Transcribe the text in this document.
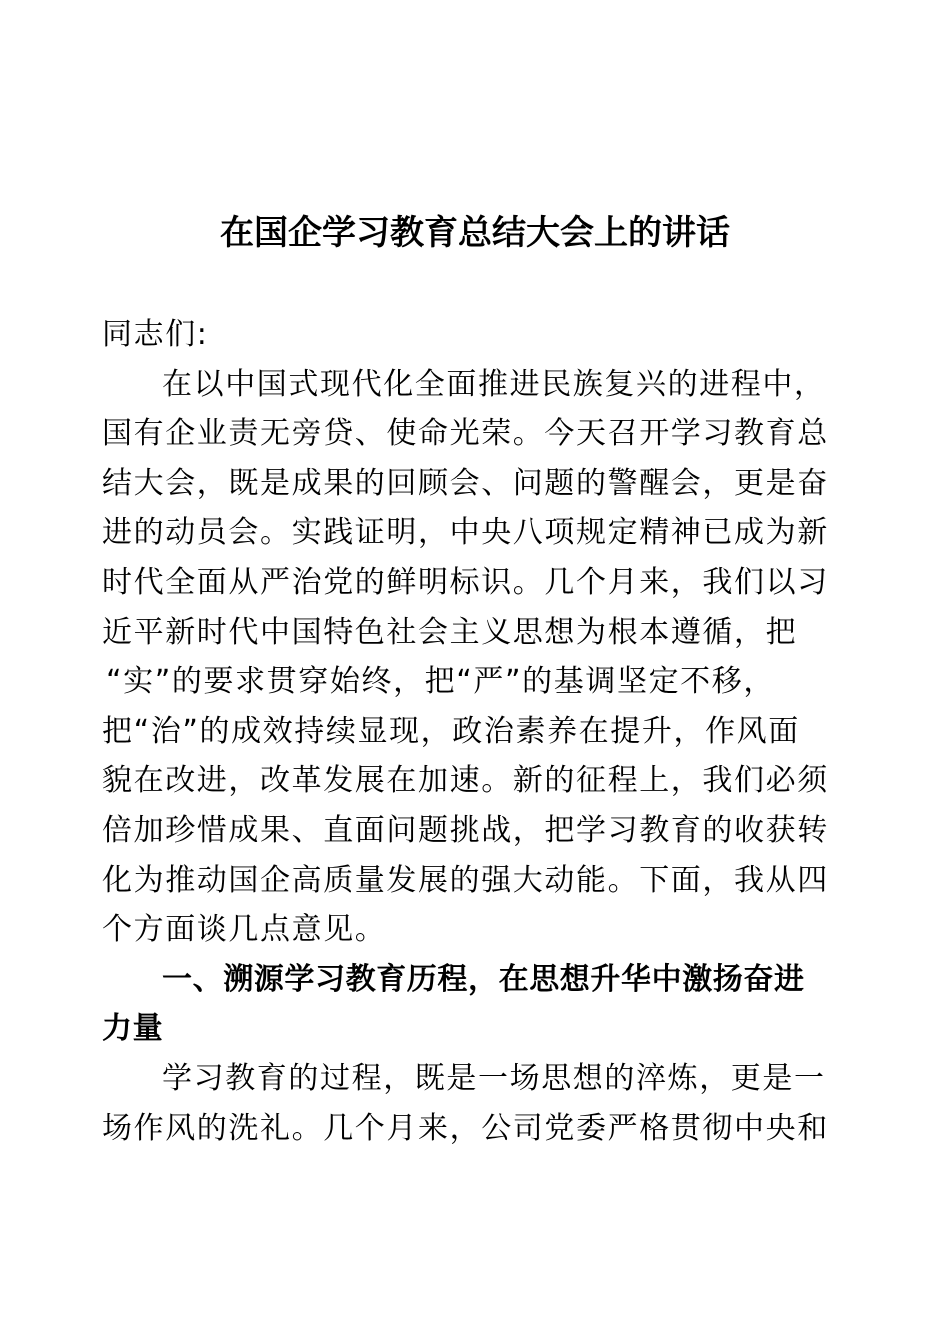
在国企学习教育总结大会上的讲话
同志们:
在以中国式现代化全面推进民族复兴的进程中，
国有企业责无旁贷、使命光荣。今天召开学习教育总
结大会，既是成果的回顾会、问题的警醒会，更是奋
进的动员会。实践证明，中央八项规定精神已成为新
时代全面从严治党的鲜明标识。几个月来，我们以习
近平新时代中国特色社会主义思想为根本遵循，把
“实”的要求贯穿始终，把“严”的基调坚定不移，
把“治”的成效持续显现，政治素养在提升，作风面
貌在改进，改革发展在加速。新的征程上，我们必须
倍加珍惜成果、直面问题挑战，把学习教育的收获转
化为推动国企高质量发展的强大动能。下面，我从四
个方面谈几点意见。
一、溯源学习教育历程，在思想升华中激扬奋进
力量
学习教育的过程，既是一场思想的淬炼，更是一
场作风的洗礼。几个月来，公司党委严格贯彻中央和
